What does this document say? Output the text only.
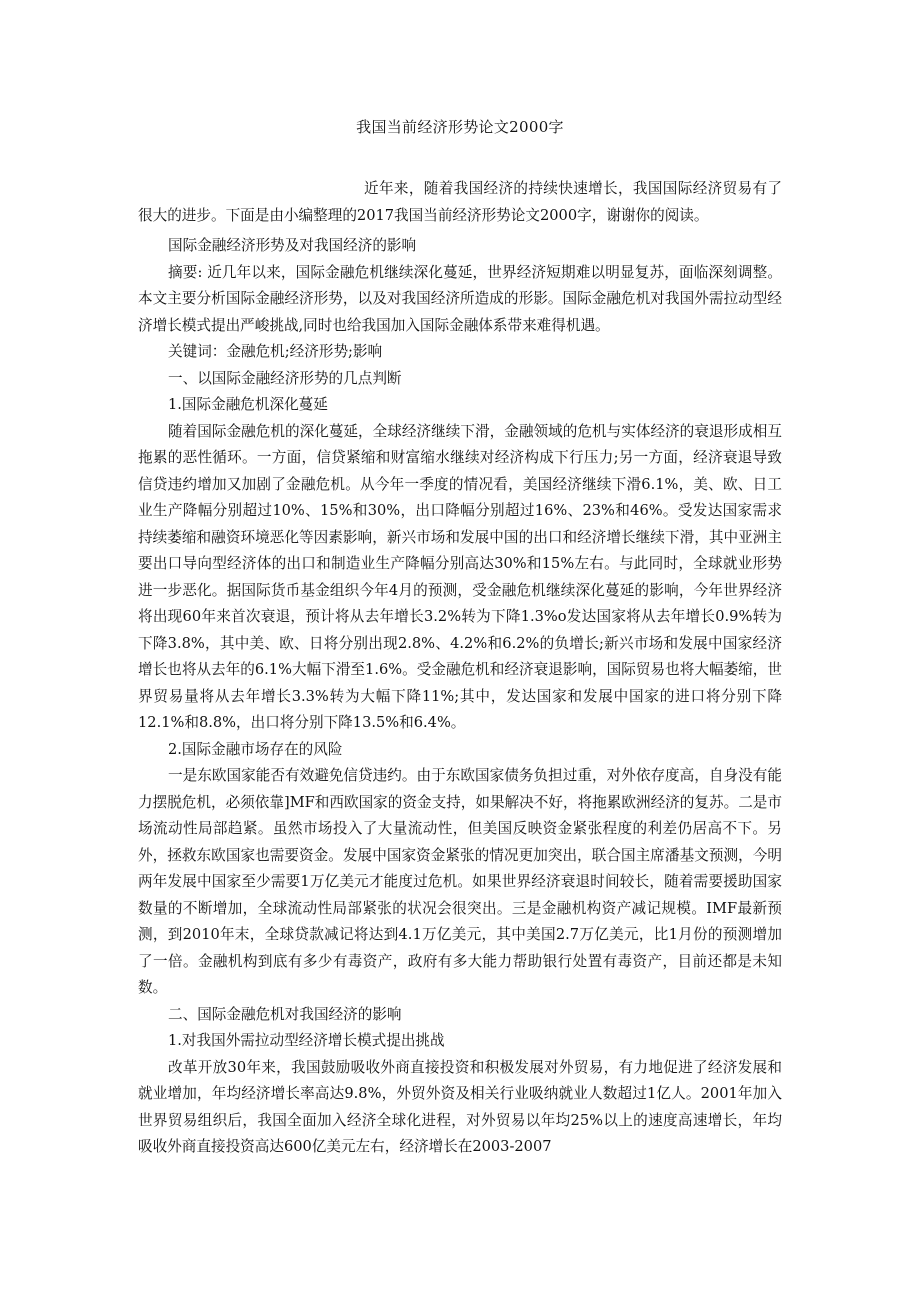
我国当前经济形势论文2000字

近年来，随着我国经济的持续快速增长，我国国际经济贸易有了很大的进步。下面是由小编整理的2017我国当前经济形势论文2000字，谢谢你的阅读。

国际金融经济形势及对我国经济的影响

摘要: 近几年以来，国际金融危机继续深化蔓延，世界经济短期难以明显复苏，面临深刻调整。本文主要分析国际金融经济形势，以及对我国经济所造成的形影。国际金融危机对我国外需拉动型经济增长模式提出严峻挑战,同时也给我国加入国际金融体系带来难得机遇。

关键词：金融危机;经济形势;影响

一、以国际金融经济形势的几点判断

1.国际金融危机深化蔓延

随着国际金融危机的深化蔓延，全球经济继续下滑，金融领域的危机与实体经济的衰退形成相互拖累的恶性循环。一方面，信贷紧缩和财富缩水继续对经济构成下行压力;另一方面，经济衰退导致信贷违约增加又加剧了金融危机。从今年一季度的情况看，美国经济继续下滑6.1%，美、欧、日工业生产降幅分别超过10%、15%和30%，出口降幅分别超过16%、23%和46%。受发达国家需求持续萎缩和融资环境恶化等因素影响，新兴市场和发展中国的出口和经济增长继续下滑，其中亚洲主要出口导向型经济体的出口和制造业生产降幅分别高达30%和15%左右。与此同时，全球就业形势进一步恶化。据国际货币基金组织今年4月的预测，受金融危机继续深化蔓延的影响，今年世界经济将出现60年来首次衰退，预计将从去年增长3.2%转为下降1.3%o发达国家将从去年增长0.9%转为下降3.8%，其中美、欧、日将分别出现2.8%、4.2%和6.2%的负增长;新兴市场和发展中国家经济增长也将从去年的6.1%大幅下滑至1.6%。受金融危机和经济衰退影响，国际贸易也将大幅萎缩，世界贸易量将从去年增长3.3%转为大幅下降11%;其中，发达国家和发展中国家的进口将分别下降12.1%和8.8%，出口将分别下降13.5%和6.4%。

2.国际金融市场存在的风险

一是东欧国家能否有效避免信贷违约。由于东欧国家债务负担过重，对外依存度高，自身没有能力摆脱危机，必须依靠]MF和西欧国家的资金支持，如果解决不好，将拖累欧洲经济的复苏。二是市场流动性局部趋紧。虽然市场投入了大量流动性，但美国反映资金紧张程度的利差仍居高不下。另外，拯救东欧国家也需要资金。发展中国家资金紧张的情况更加突出，联合国主席潘基文预测，今明两年发展中国家至少需要1万亿美元才能度过危机。如果世界经济衰退时间较长，随着需要援助国家数量的不断增加，全球流动性局部紧张的状况会很突出。三是金融机构资产减记规模。IMF最新预测，到2010年末，全球贷款减记将达到4.1万亿美元，其中美国2.7万亿美元，比1月份的预测增加了一倍。金融机构到底有多少有毒资产，政府有多大能力帮助银行处置有毒资产，目前还都是未知数。

二、国际金融危机对我国经济的影响

1.对我国外需拉动型经济增长模式提出挑战

改革开放30年来，我国鼓励吸收外商直接投资和积极发展对外贸易，有力地促进了经济发展和就业增加，年均经济增长率高达9.8%，外贸外资及相关行业吸纳就业人数超过1亿人。2001年加入世界贸易组织后，我国全面加入经济全球化进程，对外贸易以年均25%以上的速度高速增长，年均吸收外商直接投资高达600亿美元左右，经济增长在2003-2007
